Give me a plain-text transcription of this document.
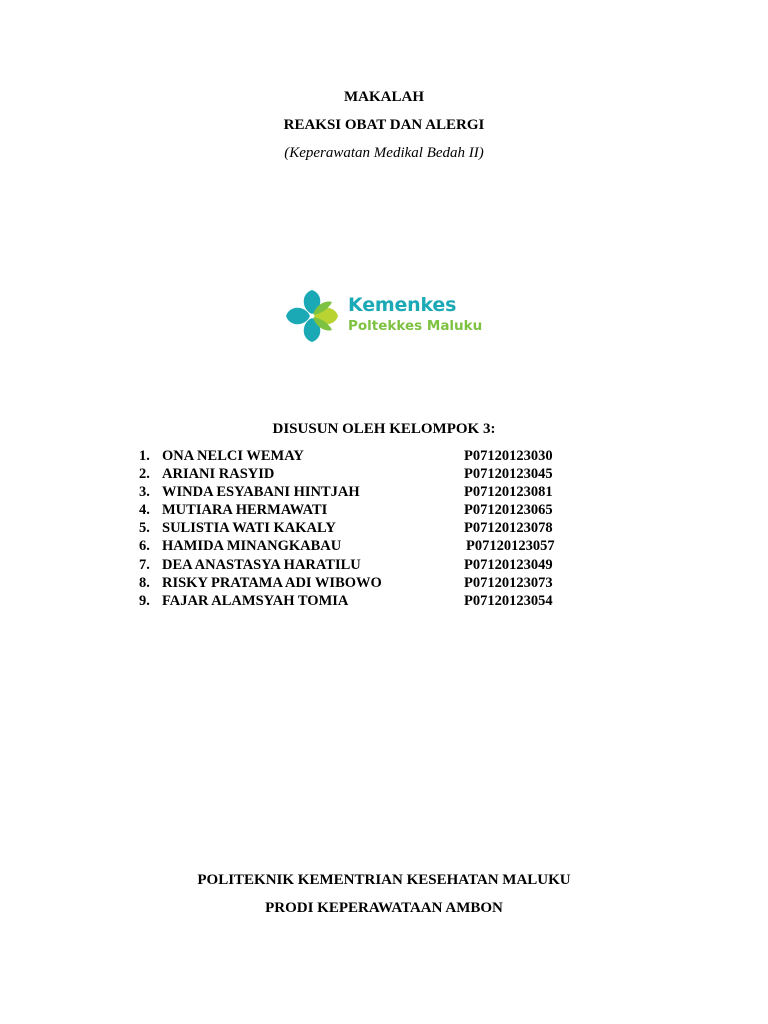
MAKALAH
REAKSI OBAT DAN ALERGI
(Keperawatan Medikal Bedah II)
Kemenkes
Poltekkes Maluku
DISUSUN OLEH KELOMPOK 3:
1. ONA NELCI WEMAY	P07120123030
2. ARIANI RASYID	P07120123045
3. WINDA ESYABANI HINTJAH	P07120123081
4. MUTIARA HERMAWATI	P07120123065
5. SULISTIA WATI KAKALY	P07120123078
6. HAMIDA MINANGKABAU	P07120123057
7. DEA ANASTASYA HARATILU	P07120123049
8. RISKY PRATAMA ADI WIBOWO	P07120123073
9. FAJAR ALAMSYAH TOMIA	P07120123054
POLITEKNIK KEMENTRIAN KESEHATAN MALUKU
PRODI KEPERAWATAAN AMBON
